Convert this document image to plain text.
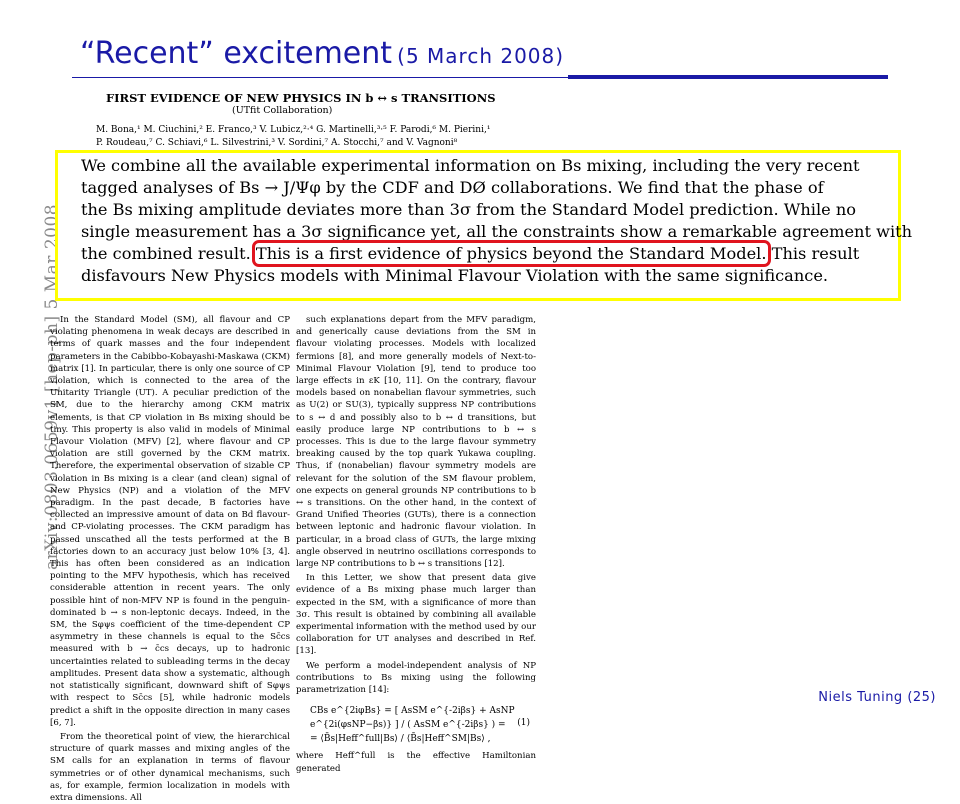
“Recent” excitement (5 March 2008)
arXiv:0803.0659v1 [hep-ph] 5 Mar 2008
FIRST EVIDENCE OF NEW PHYSICS IN b ↔ s TRANSITIONS
(UTfit Collaboration)
M. Bona,¹ M. Ciuchini,² E. Franco,³ V. Lubicz,²·⁴ G. Martinelli,³·⁵ F. Parodi,⁶ M. Pierini,¹
P. Roudeau,⁷ C. Schiavi,⁶ L. Silvestrini,³ V. Sordini,⁷ A. Stocchi,⁷ and V. Vagnoni⁸
We combine all the available experimental information on Bs mixing, including the very recent
tagged analyses of Bs → J/Ψφ by the CDF and DØ collaborations. We find that the phase of
the Bs mixing amplitude deviates more than 3σ from the Standard Model prediction. While no
single measurement has a 3σ significance yet, all the constraints show a remarkable agreement with
the combined result. This is a first evidence of physics beyond the Standard Model. This result
disfavours New Physics models with Minimal Flavour Violation with the same significance.

In the Standard Model (SM), all flavour and CP violating phenomena in weak decays are described in terms of quark masses and the four independent parameters in the Cabibbo-Kobayashi-Maskawa (CKM) matrix [1]. In particular, there is only one source of CP violation, which is connected to the area of the Unitarity Triangle (UT). A peculiar prediction of the SM, due to the hierarchy among CKM matrix elements, is that CP violation in Bs mixing should be tiny. This property is also valid in models of Minimal Flavour Violation (MFV) [2], where flavour and CP violation are still governed by the CKM matrix. Therefore, the experimental observation of sizable CP violation in Bs mixing is a clear (and clean) signal of New Physics (NP) and a violation of the MFV paradigm. In the past decade, B factories have collected an impressive amount of data on Bd flavour- and CP-violating processes. The CKM paradigm has passed unscathed all the tests performed at the B factories down to an accuracy just below 10% [3, 4]. This has often been considered as an indication pointing to the MFV hypothesis, which has received considerable attention in recent years. The only possible hint of non-MFV NP is found in the penguin-dominated b → s non-leptonic decays. Indeed, in the SM, the Sφψs coefficient of the time-dependent CP asymmetry in these channels is equal to the Sc̄cs measured with b → c̄cs decays, up to hadronic uncertainties related to subleading terms in the decay amplitudes. Present data show a systematic, although not statistically significant, downward shift of Sφψs with respect to Sc̄cs [5], while hadronic models predict a shift in the opposite direction in many cases [6, 7].

From the theoretical point of view, the hierarchical structure of quark masses and mixing angles of the SM calls for an explanation in terms of flavour symmetries or of other dynamical mechanisms, such as, for example, fermion localization in models with extra dimensions. All

such explanations depart from the MFV paradigm, and generically cause deviations from the SM in flavour violating processes. Models with localized fermions [8], and more generally models of Next-to-Minimal Flavour Violation [9], tend to produce too large effects in εK [10, 11]. On the contrary, flavour models based on nonabelian flavour symmetries, such as U(2) or SU(3), typically suppress NP contributions to s ↔ d and possibly also to b ↔ d transitions, but easily produce large NP contributions to b ↔ s processes. This is due to the large flavour symmetry breaking caused by the top quark Yukawa coupling. Thus, if (nonabelian) flavour symmetry models are relevant for the solution of the SM flavour problem, one expects on general grounds NP contributions to b ↔ s transitions. On the other hand, in the context of Grand Unified Theories (GUTs), there is a connection between leptonic and hadronic flavour violation. In particular, in a broad class of GUTs, the large mixing angle observed in neutrino oscillations corresponds to large NP contributions to b ↔ s transitions [12].

In this Letter, we show that present data give evidence of a Bs mixing phase much larger than expected in the SM, with a significance of more than 3σ. This result is obtained by combining all available experimental information with the method used by our collaboration for UT analyses and described in Ref. [13].

We perform a model-independent analysis of NP contributions to Bs mixing using the following parametrization [14]:

CBs e^{2iφBs} = [ AsSM e^{-2iβs} + AsNP e^{2i(φsNP−βs)} ] / ( AsSM e^{-2iβs} ) =
= ⟨B̄s|Heff^full|Bs⟩ / ⟨B̄s|Heff^SM|Bs⟩ ,
(1)

where Heff^full is the effective Hamiltonian generated

Niels Tuning (25)
